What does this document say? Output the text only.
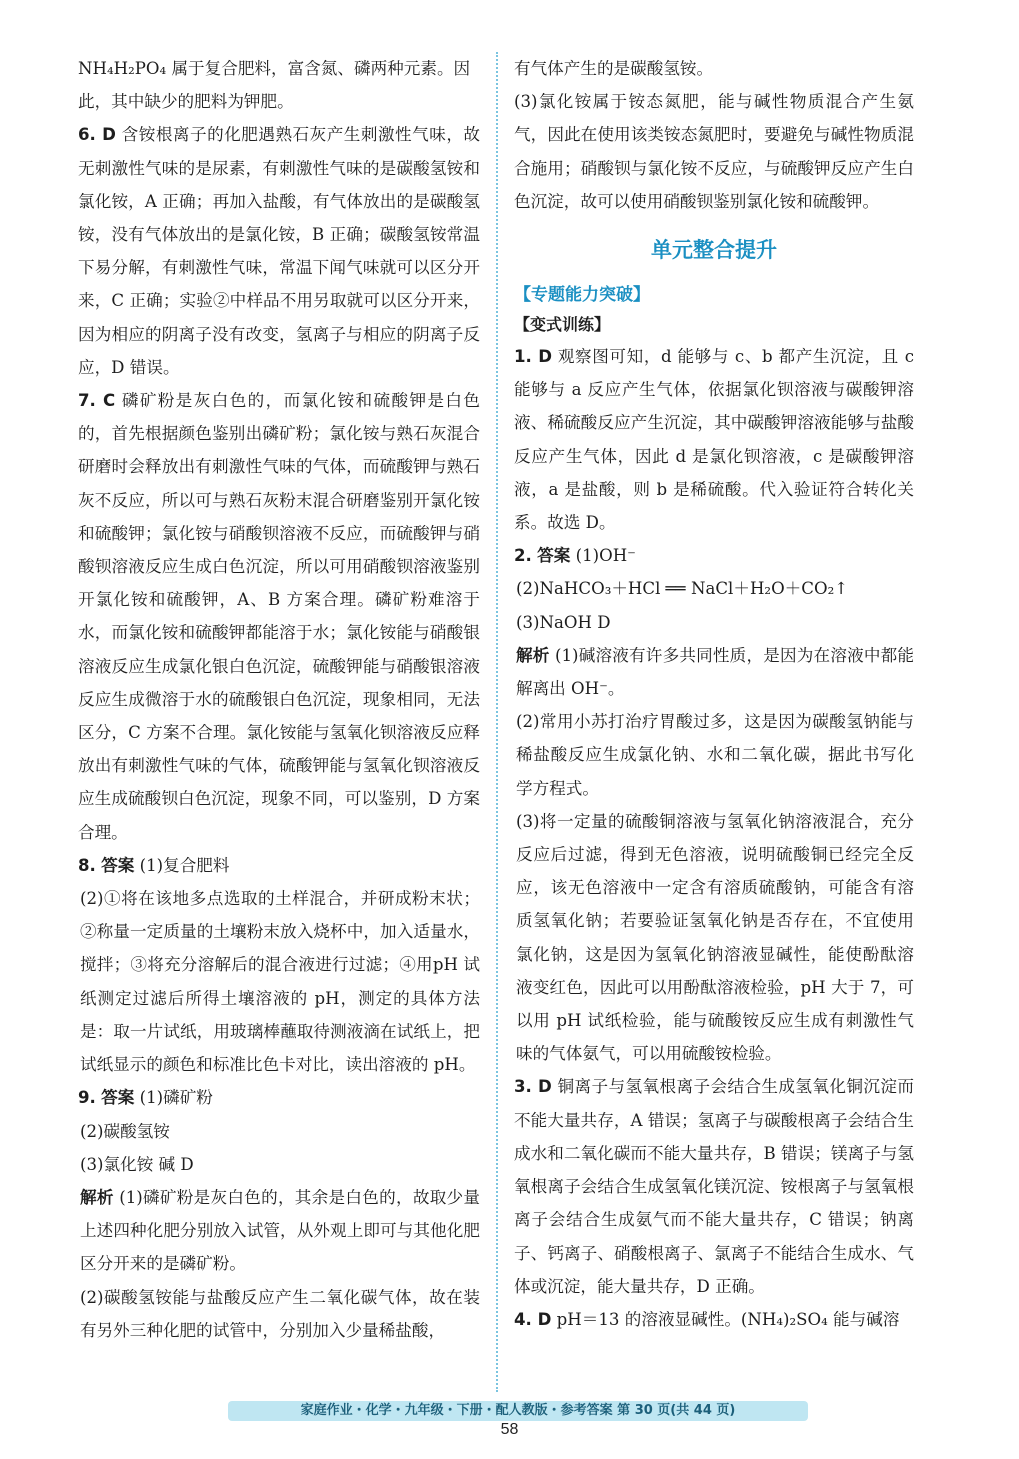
NH₄H₂PO₄ 属于复合肥料，富含氮、磷两种元素。因
此，其中缺少的肥料为钾肥。

6. D 含铵根离子的化肥遇熟石灰产生刺激性气味，故无刺激性气味的是尿素，有刺激性气味的是碳酸氢铵和氯化铵，A 正确；再加入盐酸，有气体放出的是碳酸氢铵，没有气体放出的是氯化铵，B 正确；碳酸氢铵常温下易分解，有刺激性气味，常温下闻气味就可以区分开来，C 正确；实验②中样品不用另取就可以区分开来，因为相应的阴离子没有改变，氢离子与相应的阴离子反应，D 错误。

7. C 磷矿粉是灰白色的，而氯化铵和硫酸钾是白色的，首先根据颜色鉴别出磷矿粉；氯化铵与熟石灰混合研磨时会释放出有刺激性气味的气体，而硫酸钾与熟石灰不反应，所以可与熟石灰粉末混合研磨鉴别开氯化铵和硫酸钾；氯化铵与硝酸钡溶液不反应，而硫酸钾与硝酸钡溶液反应生成白色沉淀，所以可用硝酸钡溶液鉴别开氯化铵和硫酸钾，A、B 方案合理。磷矿粉难溶于水，而氯化铵和硫酸钾都能溶于水；氯化铵能与硝酸银溶液反应生成氯化银白色沉淀，硫酸钾能与硝酸银溶液反应生成微溶于水的硫酸银白色沉淀，现象相同，无法区分，C 方案不合理。氯化铵能与氢氧化钡溶液反应释放出有刺激性气味的气体，硫酸钾能与氢氧化钡溶液反应生成硫酸钡白色沉淀，现象不同，可以鉴别，D 方案合理。

8. 答案 (1)复合肥料

(2)①将在该地多点选取的土样混合，并研成粉末状；②称量一定质量的土壤粉末放入烧杯中，加入适量水，搅拌；③将充分溶解后的混合液进行过滤；④用pH 试纸测定过滤后所得土壤溶液的 pH，测定的具体方法是：取一片试纸，用玻璃棒蘸取待测液滴在试纸上，把试纸显示的颜色和标准比色卡对比，读出溶液的 pH。

9. 答案 (1)磷矿粉

(2)碳酸氢铵

(3)氯化铵 碱 D

解析 (1)磷矿粉是灰白色的，其余是白色的，故取少量上述四种化肥分别放入试管，从外观上即可与其他化肥区分开来的是磷矿粉。

(2)碳酸氢铵能与盐酸反应产生二氧化碳气体，故在装有另外三种化肥的试管中，分别加入少量稀盐酸，

有气体产生的是碳酸氢铵。

(3)氯化铵属于铵态氮肥，能与碱性物质混合产生氨气，因此在使用该类铵态氮肥时，要避免与碱性物质混合施用；硝酸钡与氯化铵不反应，与硫酸钾反应产生白色沉淀，故可以使用硝酸钡鉴别氯化铵和硫酸钾。

单元整合提升
【专题能力突破】
【变式训练】

1. D 观察图可知，d 能够与 c、b 都产生沉淀，且 c 能够与 a 反应产生气体，依据氯化钡溶液与碳酸钾溶液、稀硫酸反应产生沉淀，其中碳酸钾溶液能够与盐酸反应产生气体，因此 d 是氯化钡溶液，c 是碳酸钾溶液，a 是盐酸，则 b 是稀硫酸。代入验证符合转化关系。故选 D。

2. 答案 (1)OH⁻

(2)NaHCO₃＋HCl ══ NaCl＋H₂O＋CO₂↑

(3)NaOH D

解析 (1)碱溶液有许多共同性质，是因为在溶液中都能解离出 OH⁻。

(2)常用小苏打治疗胃酸过多，这是因为碳酸氢钠能与稀盐酸反应生成氯化钠、水和二氧化碳，据此书写化学方程式。

(3)将一定量的硫酸铜溶液与氢氧化钠溶液混合，充分反应后过滤，得到无色溶液，说明硫酸铜已经完全反应，该无色溶液中一定含有溶质硫酸钠，可能含有溶质氢氧化钠；若要验证氢氧化钠是否存在，不宜使用氯化钠，这是因为氢氧化钠溶液显碱性，能使酚酞溶液变红色，因此可以用酚酞溶液检验，pH 大于 7，可以用 pH 试纸检验，能与硫酸铵反应生成有刺激性气味的气体氨气，可以用硫酸铵检验。

3. D 铜离子与氢氧根离子会结合生成氢氧化铜沉淀而不能大量共存，A 错误；氢离子与碳酸根离子会结合生成水和二氧化碳而不能大量共存，B 错误；镁离子与氢氧根离子会结合生成氢氧化镁沉淀、铵根离子与氢氧根离子会结合生成氨气而不能大量共存，C 错误；钠离子、钙离子、硝酸根离子、氯离子不能结合生成水、气体或沉淀，能大量共存，D 正确。

4. D pH＝13 的溶液显碱性。(NH₄)₂SO₄ 能与碱溶

家庭作业・化学・九年级・下册・配人教版・参考答案 第 30 页(共 44 页)
58
